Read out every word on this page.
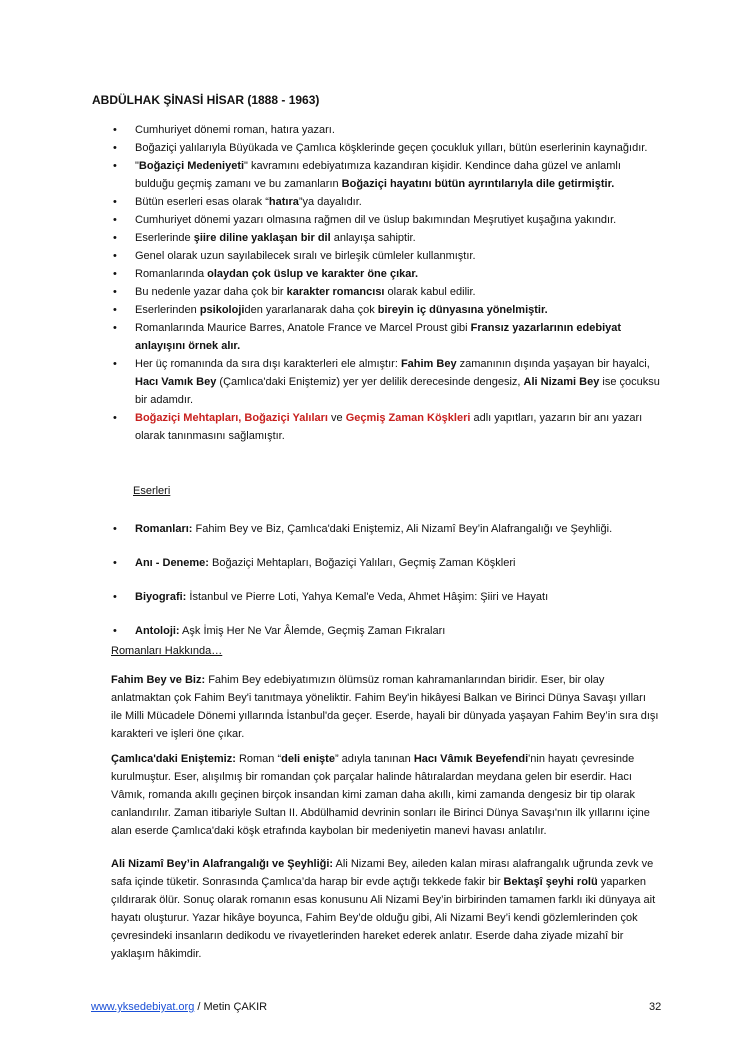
ABDÜLHAK ŞİNASİ HİSAR (1888 - 1963)
• Cumhuriyet dönemi roman, hatıra yazarı.
• Boğaziçi yalılarıyla Büyükada ve Çamlıca köşklerinde geçen çocukluk yılları, bütün eserlerinin kaynağıdır.
• "Boğaziçi Medeniyeti" kavramını edebiyatımıza kazandıran kişidir. Kendince daha güzel ve anlamlı bulduğu geçmiş zamanı ve bu zamanların Boğaziçi hayatını bütün ayrıntılarıyla dile getirmiştir.
• Bütün eserleri esas olarak “hatıra”ya dayalıdır.
• Cumhuriyet dönemi yazarı olmasına rağmen dil ve üslup bakımından Meşrutiyet kuşağına yakındır.
• Eserlerinde şiire diline yaklaşan bir dil anlayışa sahiptir.
• Genel olarak uzun sayılabilecek sıralı ve birleşik cümleler kullanmıştır.
• Romanlarında olaydan çok üslup ve karakter öne çıkar.
• Bu nedenle yazar daha çok bir karakter romancısı olarak kabul edilir.
• Eserlerinden psikolojiden yararlanarak daha çok bireyin iç dünyasına yönelmiştir.
• Romanlarında Maurice Barres, Anatole France ve Marcel Proust gibi Fransız yazarlarının edebiyat anlayışını örnek alır.
• Her üç romanında da sıra dışı karakterleri ele almıştır: Fahim Bey zamanının dışında yaşayan bir hayalci, Hacı Vamık Bey (Çamlıca'daki Eniştemiz) yer yer delilik derecesinde dengesiz, Ali Nizami Bey ise çocuksu bir adamdır.
• Boğaziçi Mehtapları, Boğaziçi Yalıları ve Geçmiş Zaman Köşkleri adlı yapıtları, yazarın bir anı yazarı olarak tanınmasını sağlamıştır.
Eserleri
• Romanları: Fahim Bey ve Biz, Çamlıca'daki Eniştemiz, Ali Nizamî Bey’in Alafrangalığı ve Şeyhliği.
• Anı - Deneme: Boğaziçi Mehtapları, Boğaziçi Yalıları, Geçmiş Zaman Köşkleri
• Biyografi: İstanbul ve Pierre Loti, Yahya Kemal'e Veda, Ahmet Hâşim: Şiiri ve Hayatı
• Antoloji: Aşk İmiş Her Ne Var Âlemde, Geçmiş Zaman Fıkraları
Romanları Hakkında…
Fahim Bey ve Biz: Fahim Bey edebiyatımızın ölümsüz roman kahramanlarından biridir. Eser, bir olay anlatmaktan çok Fahim Bey'i tanıtmaya yöneliktir. Fahim Bey'in hikâyesi Balkan ve Birinci Dünya Savaşı yılları ile Milli Mücadele Dönemi yıllarında İstanbul'da geçer. Eserde, hayali bir dünyada yaşayan Fahim Bey’in sıra dışı karakteri ve işleri öne çıkar.
Çamlıca'daki Eniştemiz: Roman “deli enişte” adıyla tanınan Hacı Vâmık Beyefendi'nin hayatı çevresinde kurulmuştur. Eser, alışılmış bir romandan çok parçalar halinde hâtıralardan meydana gelen bir eserdir. Hacı Vâmık, romanda akıllı geçinen birçok insandan kimi zaman daha akıllı, kimi zamanda dengesiz bir tip olarak canlandırılır. Zaman itibariyle Sultan II. Abdülhamid devrinin sonları ile Birinci Dünya Savaşı'nın ilk yıllarını içine alan eserde Çamlıca'daki köşk etrafında kaybolan bir medeniyetin manevi havası anlatılır.
Ali Nizamî Bey’in Alafrangalığı ve Şeyhliği: Ali Nizami Bey, aileden kalan mirası alafrangalık uğrunda zevk ve safa içinde tüketir. Sonrasında Çamlıca’da harap bir evde açtığı tekkede fakir bir Bektaşî şeyhi rolü yaparken çıldırarak ölür. Sonuç olarak romanın esas konusunu Ali Nizami Bey’in birbirinden tamamen farklı iki dünyaya ait hayatı oluşturur. Yazar hikâye boyunca, Fahim Bey’de olduğu gibi, Ali Nizami Bey’i kendi gözlemlerinden çok çevresindeki insanların dedikodu ve rivayetlerinden hareket ederek anlatır. Eserde daha ziyade mizahî bir yaklaşım hâkimdir.
www.yksedebiyat.org / Metin ÇAKIR	32
